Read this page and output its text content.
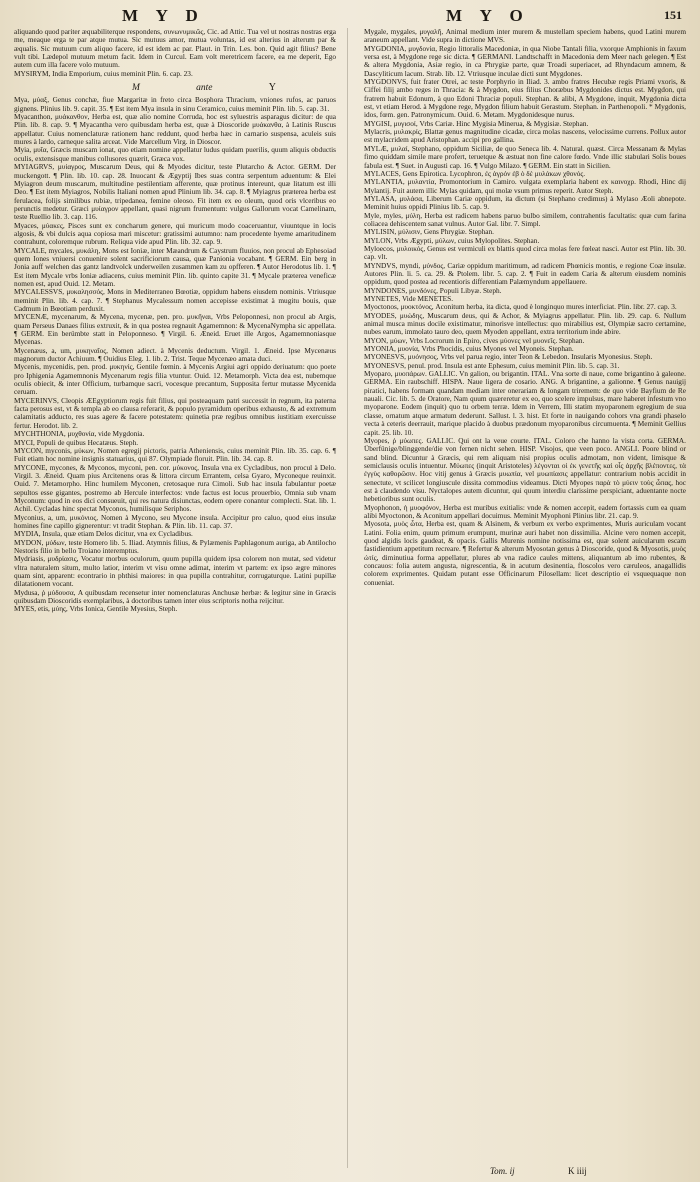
M Y D	M Y O	151

aliquando quod pariter æquabiliterque respondens, συνωνυμικῶς, Cic. ad Attic. Tua vel ut nostras nostras erga me, meaque erga te par atque mutua. Sic mutuus amor, mutua voluntas, id est alterius in alterum par & æqualis. Sic mutuum cum aliquo facere, id est idem ac par. Plaut. in Trin. Les. bon. Quid agit filius? Bene vult tibi. Lædepol mutuum metum facit. Idem in Curcul. Eam volt meretricem facere, ea me deperit, Ego autem cum illa facere volo mutuum.

MYSIRYM, India Emporium, cuius meminit Plin. 6. cap. 23.

M	ante	Y

Mya, μύαξ, Genus conchæ, fiue Margaritæ in freto circa Bosphora Thracium, vniones rufos, ac paruos gignens. Plinius lib. 9. capit. 35. ¶ Est item Mya insula in sinu Ceramico, cuius meminit Plin. lib. 5. cap. 31.

Myacanthon, μυάκανθον, Herba est, quæ alio nomine Corruda, hoc est syluestris asparagus dicitur: de qua Plin. lib. 8. cap. 9. ¶ Myacantha vero quibusdam herba est, quæ à Dioscoride μυάκανθα, à Latinis Ruscus appellatur. Cuius nomenclaturæ rationem hanc reddunt, quod herba hæc in carnario suspensa, aculeis suis mures à lardo, carneque salita arceat. Vide Marcellum Virg. in Dioscor.

Myia, μυῖα, Græcis muscam ionat, quo etiam nomine appellatur ludus quidam puerilis, quum aliquis obductis oculis, extensisque manibus collusores quærit, Græca vox.

MYIAGRVS, μυίαγρος, Muscarum Deus, qui & Myodes dicitur, teste Plutarcho & Actor. GERM. Der muckengott. ¶ Plin. lib. 10. cap. 28. Inuocant & Ægyptij Ibes suas contra serpentum aduentum: & Elei Myiagron deum muscarum, multitudine pestilentiam afferente, quæ protinus intereunt, quæ litatum est illi Deo. ¶ Est item Myiagros, Nobilis Italiani nomen apud Plinium lib. 34. cap. 8. ¶ Myiagrus præterea herba est ferulacea, folijs similibus rubiæ, tripedanea, femine oleoso. Fit item ex eo oleum, quod oris vlceribus eo perunctis medetur. Græci μυίαγρον appellant, quasi nigrum frumentum: vulgus Gallorum vocat Camelinam, teste Ruellio lib. 3. cap. 116.

Myaces, μύακες, Pisces sunt ex concharum genere, qui muricum modo coaceruantur, viuuntque in locis algosis, & vbi dulcis aqua copiosa mari miscetur: gratissimi autumno: nam procedente hyeme amaritudinem contrahunt, coloremque rubrum. Reliqua vide apud Plin. lib. 32. cap. 9.

MYCALE, mycales, μυκάλη, Mons est Ioniæ, inter Mæandrum & Caystrum fluuios, non procul ab Ephesoiad quem Iones vniuersi conuenire solent sacrificiorum causa, quæ Panionia vocabant. ¶ GERM. Ein berg in Jonia auff welchen das gantz landtvolck underweilen zusammen kam zu opfferen. ¶ Autor Herodotus lib. 1. ¶ Est item Mycale vrbs Ioniæ adiacens, cuius meminit Plin. lib. quinto capite 31. ¶ Mycale præterea veneficæ nomen est, apud Ouid. 12. Metam.

MYCALESSVS, μυκαλησσός, Mons in Mediterraneo Bœotiæ, oppidum habens eiusdem nominis. Vtriusque meminit Plin. lib. 4. cap. 7. ¶ Stephanus Mycalessum nomen accepisse existimat à mugitu bouis, quæ Cadmum in Bœotiam perduxit.

MYCENÆ, mycenarum, & Mycena, mycenæ, pen. pro. μυκῆναι, Vrbs Peloponnesi, non procul ab Argis, quam Perseus Danaes filius extruxit, & in qua postea regnauit Agamemnon: & MycenaNympha sic appellata. ¶ GERM. Ein berümbte statt in Peloponneso. ¶ Virgil. 6. Æneid. Eruet ille Argos, Agamemnoniasque Mycenas.

Mycenæus, a, um, μυκηναῖος, Nomen adiect. à Mycenis deductum. Virgil. 1. Æneid. Ipse Mycenæus magnorum ductor Achiuum. ¶ Ouidius Eleg. 1. lib. 2. Trist. Teque Mycenæo amata duci.

Mycenis, mycenidis, pen. prod. μυκηνίς, Gentile fœmin. à Mycenis Argiui agri oppido deriuatum: quo poete pro Iphigenia Agamemnonis Mycenarum regis filia vtuntur. Ouid. 12. Metamorph. Victa dea est, nubemque oculis obiecit, & inter Officium, turbamque sacri, vocesque precantum, Supposita fertur mutasse Mycenida ceruam.

MYCERINVS, Cleopis ÆEgyptiorum regis fuit filius, qui posteaquam patri successit in regnum, ita paterna facta perosus est, vt & templa ab eo clausa referarit, & populo pyramidum operibus exhausto, & ad extremum calamitatis adducto, res suas agere & facere potestatem: quinetia præ regibus omnibus iustitiam exercuisse fertur. Herodot. lib. 2.

MYCHTHONIA, μυχθονία, vide Mygdonia.

MYCI, Populi de quibus Hecatæus. Steph.

MYCON, myconis, μύκων, Nomen egregij pictoris, patria Atheniensis, cuius meminit Plin. lib. 35. cap. 6. ¶ Fuit etiam hoc nomine insignis statuarius, qui 87. Olympiade floruit. Plin. lib. 34. cap. 8.

MYCONE, mycones, & Myconos, myconi, pen. cor. μύκονος, Insula vna ex Cycladibus, non procul à Delo. Virgil. 3. Æneid. Quam pius Arcitenens oras & littora circum Errantem, celsa Gyaro, Myconeque reuinxit. Ouid. 7. Metamorpho. Hinc humilem Myconen, cretosaque rura Cimoli. Sub hac insula fabulantur poetæ sepultos esse gigantes, postremo ab Hercule interfectos: vnde factus est locus prouerbio, Omnia sub vnam Myconum: quod in eos dici consueuit, qui res natura disiunctas, eodem opere conantur complecti. Stat. lib. 1. Achil. Cycladas hinc spectat Myconos, humilisque Seriphos.

Myconius, a, um, μυκόνιος, Nomen à Mycono, seu Mycone insula. Accipitur pro caluo, quod eius insulæ homines fine capillo gignerentur: vt tradit Stephan. & Plin. lib. 11. cap. 37.

MYDIA, Insula, quæ etiam Delos dicitur, vna ex Cycladibus.

MYDON, μύδων, teste Homero lib. 5. Iliad. Atymnis filius, & Pylæmenis Paphlagonum auriga, ab Antilocho Nestoris filio in bello Troiano interemptus.

Mydriasis, μυδρίασις, Vocatur morbus oculorum, quum pupilla quidem ipsa colorem non mutat, sed videtur vltra naturalem situm, multo latior, interim vt visu omne adimat, interim vt partem: ex ipso ægre minores quam sint, apparent: econtrario in phthisi maiores: in qua pupilla contrahitur, corrugaturque. Latini pupillæ dilatationem vocant.

Mydusa, ῥ μύδουσα, A quibusdam recensetur inter nomenclaturas Anchusæ herbæ: & legitur sine in Græcis quibusdam Dioscoridis exemplaribus, à doctoribus tamen inter eius scriptoris notha reijcitur.

MYES, etis, μύης, Vrbs Ionica, Gentile Myesius, Steph.

Mygale, mygales, μυγαλῆ, Animal medium inter murem & mustellam speciem habens, quod Latini murem araneum appellant. Vide supra in dictione MVS.

MYGDONIA, μυγδονία, Regio littoralis Macedoniæ, in qua Niobe Tantali filia, vxorque Amphionis in faxum versa est, à Mygdone rege sic dicta. ¶ GERMANI. Landtschafft in Macedonia dem Meer nach gelegen. ¶ Est & altera Mygdonia, Asiæ regio, in ca Phrygiæ parte, quæ Troadi superiacet, ad Rhyndacum amnem, & Dascyliticum lacum. Strab. lib. 12. Vtriusque inculae dicti sunt Mygdones.

MYGDONVS, fuit frater Otrei, ac teste Porphyrio in Iliad. 3. ambo fratres Hecubæ regis Priami vxoris, & Ciffei filij ambo reges in Thracia: & à Mygdon, eius filius Choræbus Mygdonides dictus est. Mygdon, qui fratrem habuit Edonum, à quo Edoni Thraciæ populi. Stephan. & alibi, A Mygdone, inquit, Mygdonia dicta est, vt etiam Herod. à Mygdone rege, Mygdon filium habuit Gerastum. Stephan. in Parthenopoli. * Mygdonis, idos, fœm. gen. Patronymicum. Ouid. 6. Metam. Mygdonidesque nurus.

MYGISI, μυγισοί, Vrbs Cariæ. Hinc Mygisia Minerua, & Mygisiæ. Stephan.

Mylacris, μυλακρίς, Blattæ genus magnitudine cicadæ, circa molas nascens, velocissime currens. Pollux autor est mylacridem apud Aristophan. accipi pro gallina.

MYLÆ, μυλαί, Stephano, oppidum Siciliæ, de quo Seneca lib. 4. Natural. quæst. Circa Messanam & Mylas fimo quiddam simile mare profert, teruetque & æstuat non fine calore fœdo. Vnde illic stabulari Solis boues fabula est. ¶ Suet. in Augusti cap. 16. ¶ Vulgo Milazo. ¶ GERM. Ein statt in Sicilien.

MYLACES, Gens Epirotica. Lycophron, ἐς ἀγρόν ἐβ ὁ δὲ μυλάκων χθονός.

MYLANTIA, μυλαντία, Promontorium in Camiro. vulgata exemplaria habent ex καινοχρ. Rhodi, Hinc dij Mylantij. Fuit autem illic Mylas quidam, qui molæ vsum primus reperit. Autor Steph.

MYLASA, μυλάσα, Liberum Cariæ oppidum, ita dictum (si Stephano credimus) à Mylaso Æoli abnepote. Meminit huius oppidi Plinius lib. 5. cap. 9.

Myle, myles, μύλη, Herba est radicem habens paruo bulbo similem, contrahentis facultatis: quæ cum farina coliacea dehiscentem sanat vulnus. Autor Gal. libr. 7. Simpl.

MYLISIN, μύλισιν, Gens Phrygiæ. Stephan.

MYLON, Vrbs Ægypti, μύλων, cuius Mylopolites. Stephan.

Myloecos, μυλοικός, Genus est vermiculi ex blattis quod circa molas fere fœleat nasci. Autor est Plin. lib. 30. cap. vlt.

MYNDVS, myndi, μύνδος, Cariæ oppidum maritimum, ad radicem Phœnicis montis, e regione Coæ insulæ. Autores Plin. li. 5. ca. 29. & Ptolem. libr. 5. cap. 2. ¶ Fuit in eadem Caria & alterum eiusdem nominis oppidum, quod postea ad recentioris differentiam Palæmyndum appellauere.

MYNDONES, μυνδόνες, Populi Libyæ. Steph.

MYNETES, Vide MENETES.

Myoctonos, μυοκτόνος, Aconitum herba, ita dicta, quod è longinquo mures interficiat. Plin. libr. 27. cap. 3.

MYODES, μυώδης, Muscarum deus, qui & Achor, & Myiagrus appellatur. Plin. lib. 29. cap. 6. Nullum animal musca minus docile existimatur, minorisve intellectus: quo mirabilius est, Olympiæ sacro certamine, nubes earum, immolato tauro deo, quem Myoden appellant, extra territorium inde abire.

MYON, μύων, Vrbs Locrorum in Epiro, cives μύονες vel μυονεῖς. Stephan.

MYONIA, μυονία, Vrbs Phocidis, cuius Myones vel Myoneis. Stephan.

MYONESVS, μυόνησος, Vrbs vel parua regio, inter Teon & Lebedon. Insularis Myonesius. Steph.

MYONESVS, penul. prod. Insula est ante Ephesum, cuius meminit Plin. lib. 5. cap. 31.

Myoparo, μυοπάρων. GALLIC. Vn galion, ou brigantin. ITAL. Vna sorte di naue, come brigantino à galeone. GERMA. Ein raubschiff. HISPA. Naue ligera de cosario. ANG. A brigantine, a galionne. ¶ Genus nauigij piratici, habens formam quandam mediam inter onerariam & longam triremem: de quo vide Bayfium de Re nauali. Cic. lib. 5. de Oratore, Nam quum quæreretur ex eo, quo scelere impulsus, mare haberet infestum vno myoparone. Eodem (inquit) quo tu orbem terræ. Idem in Verrem, Illi statim myoparonem egregium de sua classe, ornatum atque armatum dederunt. Sallust. l. 3. hist. Et forte in nauigando cohors vna grandi phaselo vecta à ceteris deerrauit, marique placido à duobus prædonum myoparonibus circumuenta. ¶ Meminit Gellius capit. 25. lib. 10.

Myopes, ῥ μύωπες. GALLIC. Qui ont la veue courte. ITAL. Coloro che hanno la vista corta. GERMA. Überfünige/blinggende/die von fernen nicht sehen. HISP. Visojos, que veen poco. ANGLI. Poore blind or sand blind. Dicuntur à Græcis, qui rem aliquam nisi propius oculis admotam, non vident, limisque & semiclausis oculis intuentur. Μύωπες (inquit Aristoteles) λέγονται οἱ ἐκ γενετῆς καὶ οἷς ἀρχῆς βλέποντες, τὰ ἐγγὺς καθορῶσιν. Hoc vitij genus à Græcis μυωπία, vel μυωπίασις appellatur: contrarium nobis accidit in senectute, vt scilicet longiuscule dissita commodius videamus. Dicti Myopes παρὰ τὸ μύειν τοὺς ὦπας, hoc est à claudendo visu. Nyctalopes autem dicuntur, qui quum interdiu clarissime perspiciant, aduentante nocte hebetioribus sunt oculis.

Myophonon, ἡ μυοφόνον, Herba est muribus exitialis: vnde & nomen accepit, eadem fortassis cum ea quam alibi Myoctonon, & Aconitum appellari docuimus. Meminit Myophoni Plinius libr. 21. cap. 9.

Myosota, μυὸς ὦτα, Herba est, quam & Alsinem, & verbum ex verbo exprimentes, Muris auriculam vocant Latini. Folia enim, quum primum erumpunt, murinæ auri habet non dissimilia. Alcine vero nomen accepit, quod algidis locis gaudeat, & opacis. Gallis Murenis nomine notissima est, quæ solent auicularum escam fastidientium appetitum recreare. ¶ Refertur & alterum Myosotan genus à Dioscoride, quod & Myosotis, μυὸς ὠτίς, diminutiua forma appellatur, plures ab vna radice caules mittens, aliquantum ab imo rubentes, & concauos: folia autem angusta, nigrescentia, & in acutum desinentia, floscolos vero cæruleos, anagallidis colorem exprimentes. Quidam putant esse Officinarum Pilosellam: licet descriptio ei vsquequaque non conueniat.

Tom. ij	K iiij
